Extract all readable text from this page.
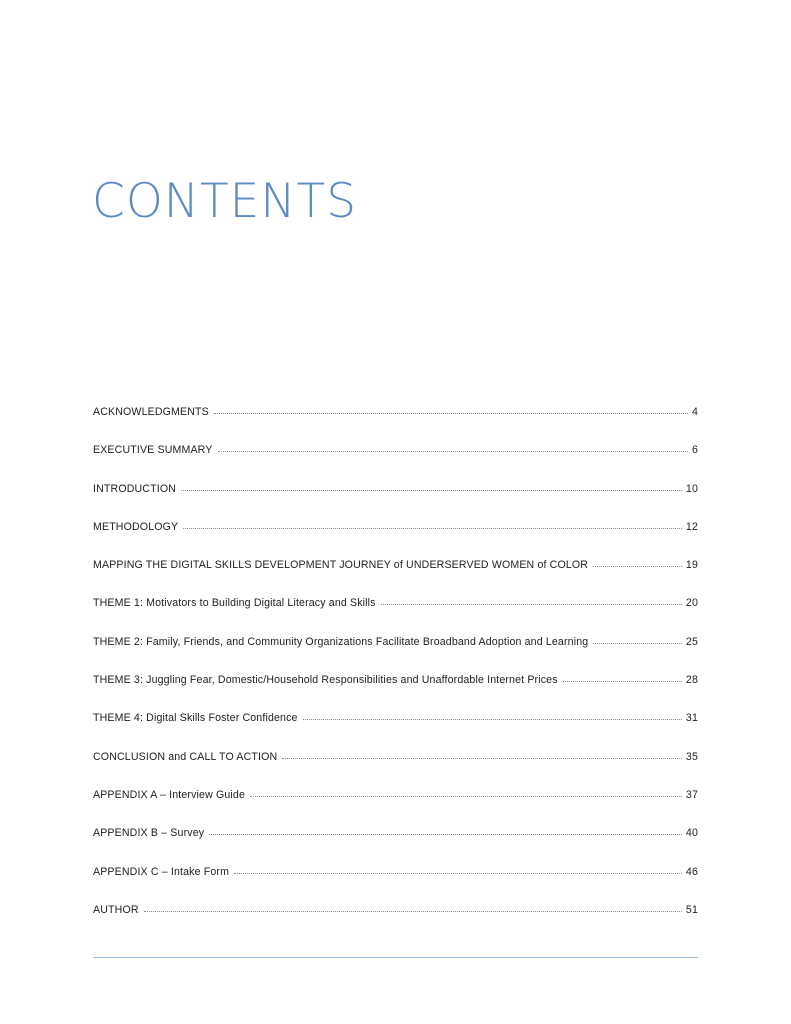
CONTENTS
ACKNOWLEDGMENTS	4
EXECUTIVE SUMMARY	6
INTRODUCTION	10
METHODOLOGY	12
MAPPING THE DIGITAL SKILLS DEVELOPMENT JOURNEY of UNDERSERVED WOMEN of COLOR	19
THEME 1: Motivators to Building Digital Literacy and Skills	20
THEME 2: Family, Friends, and Community Organizations Facilitate Broadband Adoption and Learning	25
THEME 3: Juggling Fear, Domestic/Household Responsibilities and Unaffordable Internet Prices	28
THEME 4: Digital Skills Foster Confidence	31
CONCLUSION and CALL TO ACTION	35
APPENDIX A – Interview Guide	37
APPENDIX B – Survey	40
APPENDIX C – Intake Form	46
AUTHOR	51
